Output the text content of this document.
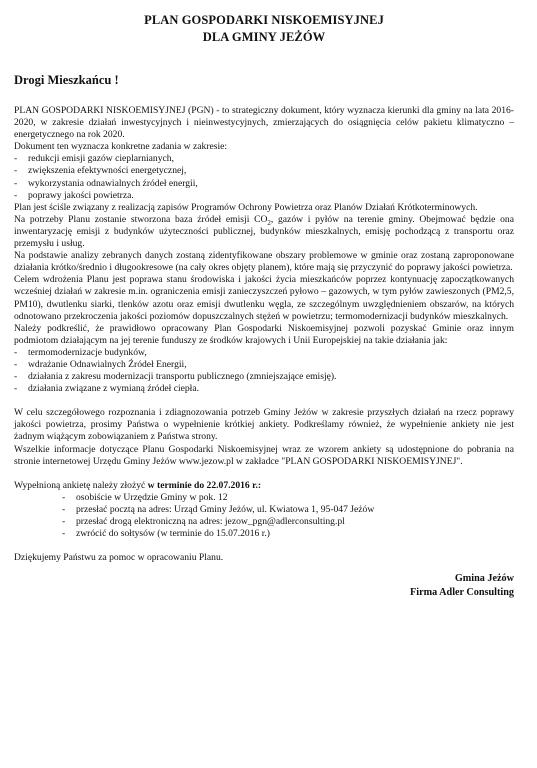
PLAN GOSPODARKI NISKOEMISYJNEJ
DLA GMINY JEŻÓW
Drogi Mieszkańcu !

PLAN GOSPODARKI NISKOEMISYJNEJ (PGN) - to strategiczny dokument, który wyznacza kierunki dla gminy na lata 2016-2020, w zakresie działań inwestycyjnych i nieinwestycyjnych, zmierzających do osiągnięcia celów pakietu klimatyczno – energetycznego na rok 2020.

Dokument ten wyznacza konkretne zadania w zakresie:

-	redukcji emisji gazów cieplarnianych,
-	zwiększenia efektywności energetycznej,
-	wykorzystania odnawialnych źródeł energii,
-	poprawy jakości powietrza.

Plan jest ściśle związany z realizacją zapisów Programów Ochrony Powietrza oraz Planów Działań Krótkoterminowych.

Na potrzeby Planu zostanie stworzona baza źródeł emisji $CO_2$, gazów i pyłów na terenie gminy. Obejmować będzie ona inwentaryzację emisji z budynków użyteczności publicznej, budynków mieszkalnych, emisję pochodzącą z transportu oraz przemysłu i usług.

Na podstawie analizy zebranych danych zostaną zidentyfikowane obszary problemowe w gminie oraz zostaną zaproponowane działania krótko/średnio i długookresowe (na cały okres objęty planem), które mają się przyczynić do poprawy jakości powietrza.

Celem wdrożenia Planu jest poprawa stanu środowiska i jakości życia mieszkańców poprzez kontynuację zapoczątkowanych wcześniej działań w zakresie m.in. ograniczenia emisji zanieczyszczeń pyłowo – gazowych, w tym pyłów zawieszonych (PM2,5, PM10), dwutlenku siarki, tlenków azotu oraz emisji dwutlenku węgla, ze szczególnym uwzględnieniem obszarów, na których odnotowano przekroczenia jakości poziomów dopuszczalnych stężeń w powietrzu; termomodernizacji budynków mieszkalnych.

Należy podkreślić, że prawidłowo opracowany Plan Gospodarki Niskoemisyjnej pozwoli pozyskać Gminie oraz innym podmiotom działającym na jej terenie funduszy ze środków krajowych i Unii Europejskiej na takie działania jak:

-	termomodernizacje budynków,
-	wdrażanie Odnawialnych Źródeł Energii,
-	działania z zakresu modernizacji transportu publicznego (zmniejszające emisję).
-	działania związane z wymianą źródeł ciepła.

W celu szczegółowego rozpoznania i zdiagnozowania potrzeb Gminy Jeżów w zakresie przyszłych działań na rzecz poprawy jakości powietrza, prosimy Państwa o wypełnienie krótkiej ankiety. Podkreślamy również, że wypełnienie ankiety nie jest żadnym wiążącym zobowiązaniem z Państwa strony.

Wszelkie informacje dotyczące Planu Gospodarki Niskoemisyjnej wraz ze wzorem ankiety są udostępnione do pobrania na stronie internetowej Urzędu Gminy Jeżów www.jezow.pl w zakładce "PLAN GOSPODARKI NISKOEMISYJNEJ".

Wypełnioną ankietę należy złożyć w terminie do 22.07.2016 r.:

-	osobiście w Urzędzie Gminy w pok. 12
-	przesłać pocztą na adres: Urząd Gminy Jeżów, ul. Kwiatowa 1, 95-047 Jeżów
-	przesłać drogą elektroniczną na adres: jezow_pgn@adlerconsulting.pl
-	zwrócić do sołtysów (w terminie do 15.07.2016 r.)

Dziękujemy Państwu za pomoc w opracowaniu Planu.

Gmina Jeżów
Firma Adler Consulting
